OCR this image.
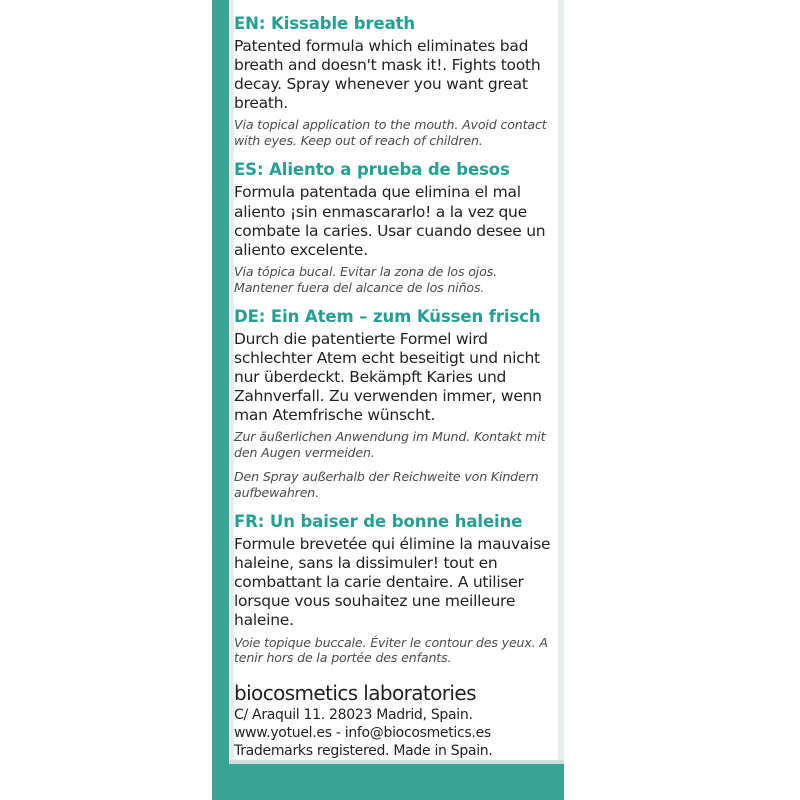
EN: Kissable breath

Patented formula which eliminates bad breath and doesn't mask it!. Fights tooth decay. Spray whenever you want great breath.

Via topical application to the mouth. Avoid contact with eyes. Keep out of reach of children.

ES: Aliento a prueba de besos

Formula patentada que elimina el mal aliento ¡sin enmascararlo! a la vez que combate la caries. Usar cuando desee un aliento excelente.

Via tópica bucal. Evitar la zona de los ojos. Mantener fuera del alcance de los niños.

DE: Ein Atem – zum Küssen frisch

Durch die patentierte Formel wird schlechter Atem echt beseitigt und nicht nur überdeckt. Bekämpft Karies und Zahnverfall. Zu verwenden immer, wenn man Atemfrische wünscht.

Zur äußerlichen Anwendung im Mund. Kontakt mit den Augen vermeiden.

Den Spray außerhalb der Reichweite von Kindern aufbewahren.

FR: Un baiser de bonne haleine

Formule brevetée qui élimine la mauvaise haleine, sans la dissimuler! tout en combattant la carie dentaire. A utiliser lorsque vous souhaitez une meilleure haleine.

Voie topique buccale. Éviter le contour des yeux. A tenir hors de la portée des enfants.

biocosmetics laboratories

C/ Araquil 11. 28023 Madrid, Spain.

www.yotuel.es - info@biocosmetics.es

Trademarks registered. Made in Spain.
